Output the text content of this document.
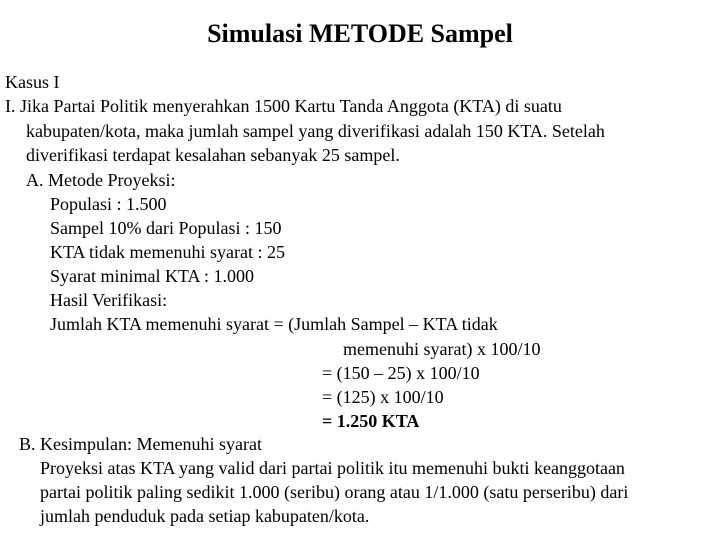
Simulasi METODE Sampel
Kasus I
I. Jika Partai Politik menyerahkan 1500 Kartu Tanda Anggota (KTA) di suatu
kabupaten/kota, maka jumlah sampel yang diverifikasi adalah 150 KTA. Setelah
diverifikasi terdapat kesalahan sebanyak 25 sampel.
A. Metode Proyeksi:
Populasi : 1.500
Sampel 10% dari Populasi : 150
KTA tidak memenuhi syarat : 25
Syarat minimal KTA : 1.000
Hasil Verifikasi:
Jumlah KTA memenuhi syarat = (Jumlah Sampel – KTA tidak
memenuhi syarat) x 100/10
= (150 – 25) x 100/10
= (125) x 100/10
= 1.250 KTA
B. Kesimpulan: Memenuhi syarat
Proyeksi atas KTA yang valid dari partai politik itu memenuhi bukti keanggotaan
partai politik paling sedikit 1.000 (seribu) orang atau 1/1.000 (satu perseribu) dari
jumlah penduduk pada setiap kabupaten/kota.
